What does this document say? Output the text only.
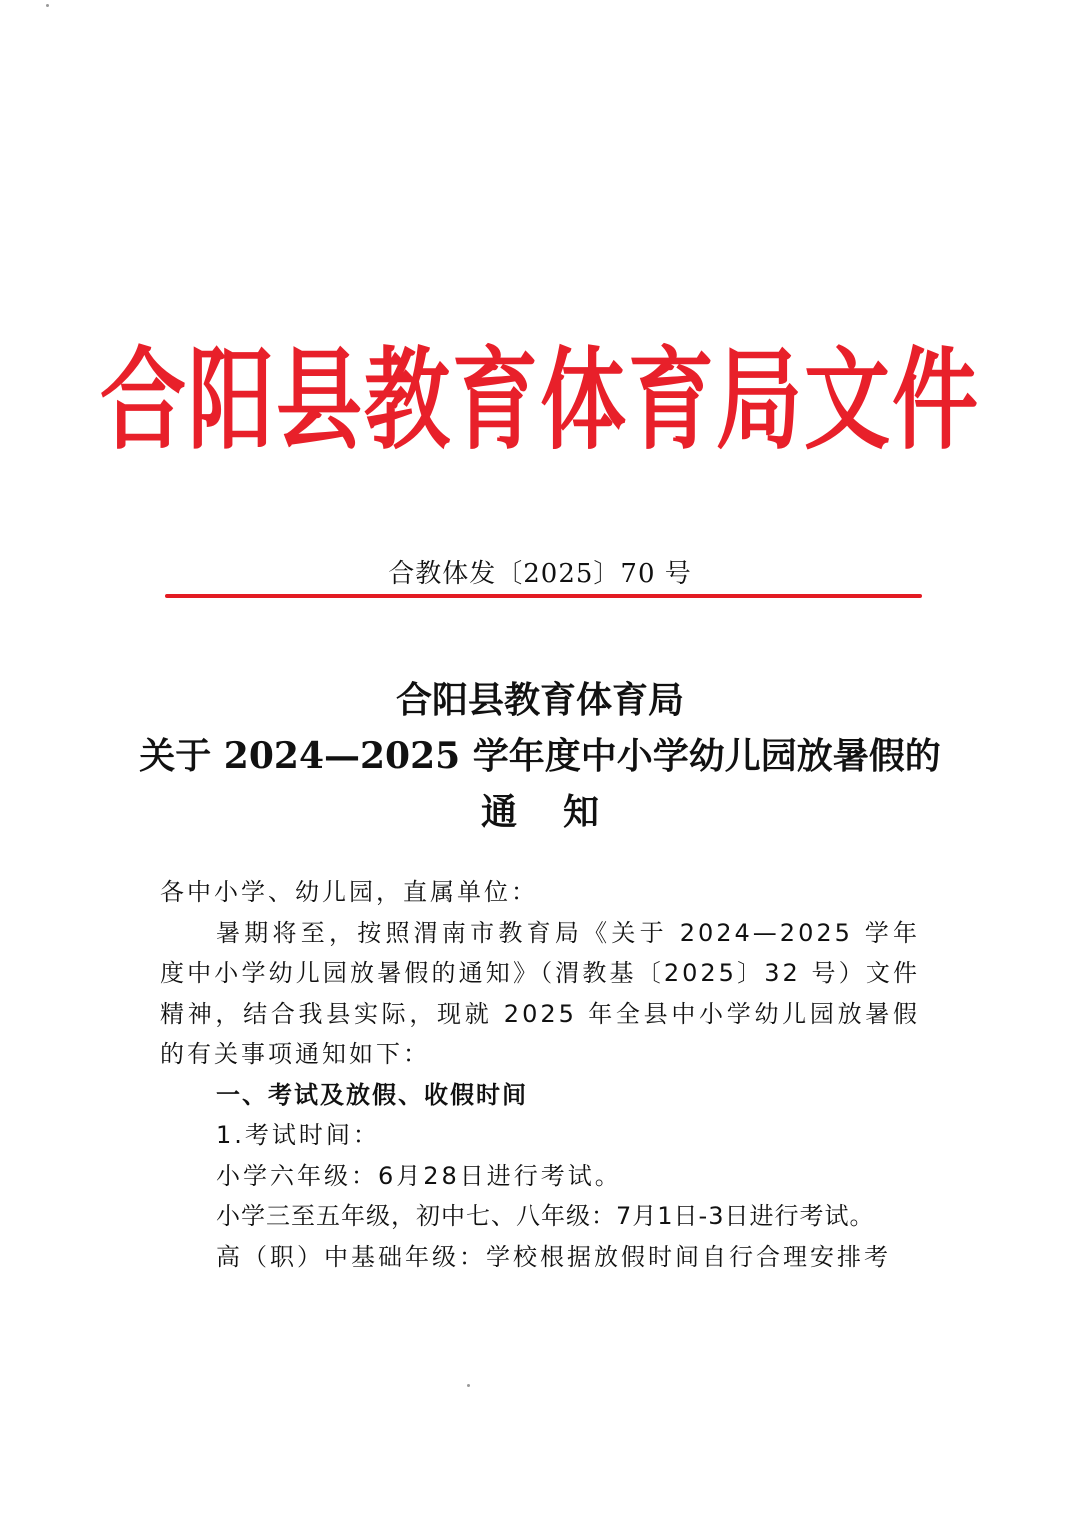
合阳县教育体育局文件
合教体发〔2025〕70 号
合阳县教育体育局
关于 2024—2025 学年度中小学幼儿园放暑假的
通知

各中小学、幼儿园，直属单位：

暑期将至，按照渭南市教育局《关于 2024—2025 学年度中小学幼儿园放暑假的通知》（渭教基〔2025〕32 号）文件精神，结合我县实际，现就 2025 年全县中小学幼儿园放暑假的有关事项通知如下：

一、考试及放假、收假时间

1.考试时间：

小学六年级：6月28日进行考试。

小学三至五年级，初中七、八年级：7月1日-3日进行考试。

高（职）中基础年级：学校根据放假时间自行合理安排考
